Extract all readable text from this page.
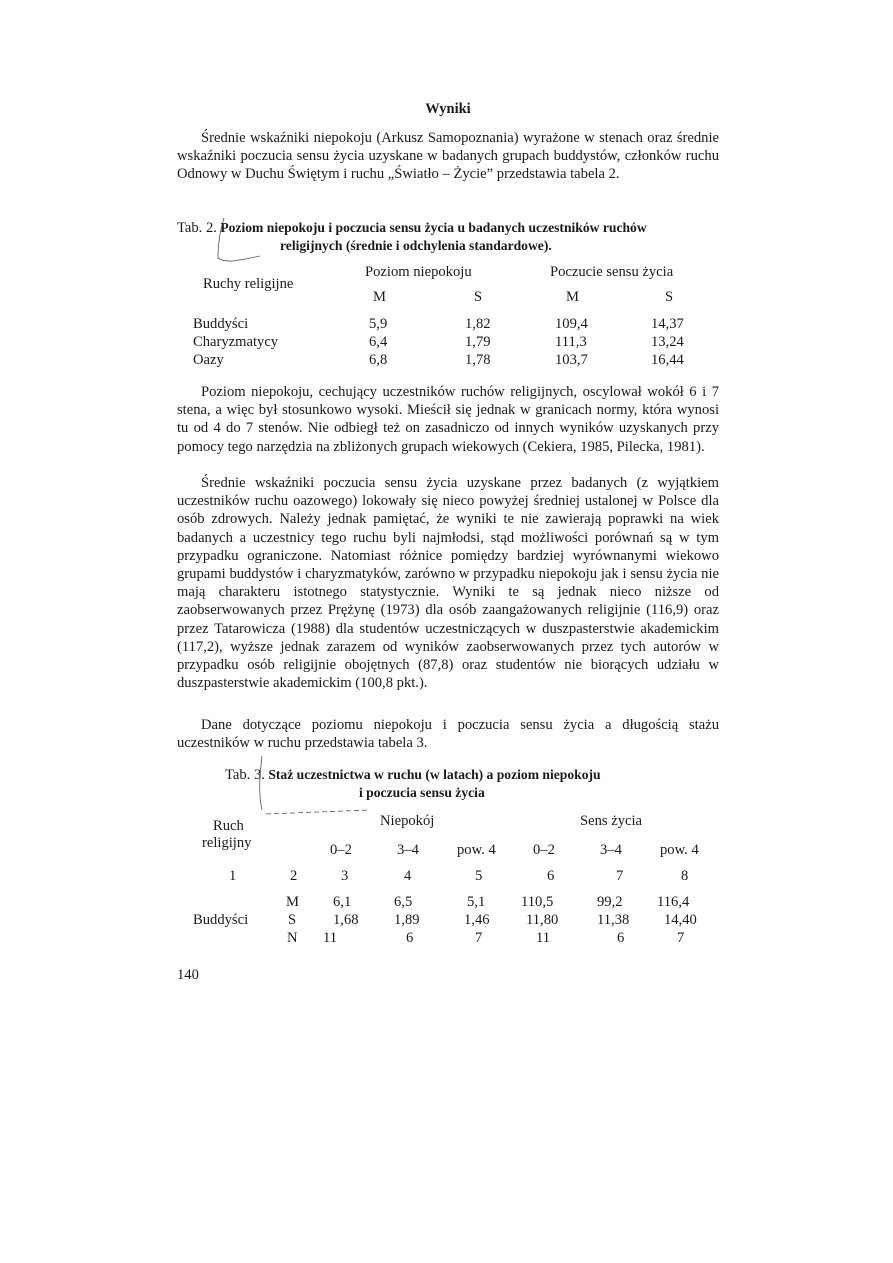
Wyniki

Średnie wskaźniki niepokoju (Arkusz Samopoznania) wyrażone w stenach oraz średnie wskaźniki poczucia sensu życia uzyskane w badanych grupach buddystów, członków ruchu Odnowy w Duchu Świętym i ruchu „Światło – Życie” przedstawia tabela 2.

Tab. 2. Poziom niepokoju i poczucia sensu życia u badanych uczestników ruchów
religijnych (średnie i odchylenia standardowe).
Ruchy religijne
Poziom niepokoju	Poczucie sensu życia
M	S	M	S
Buddyści	5,9	1,82	109,4	14,37
Charyzmatycy	6,4	1,79	111,3	13,24
Oazy	6,8	1,78	103,7	16,44

Poziom niepokoju, cechujący uczestników ruchów religijnych, oscylował wokół 6 i 7 stena, a więc był stosunkowo wysoki. Mieścił się jednak w granicach normy, która wynosi tu od 4 do 7 stenów. Nie odbiegł też on zasadniczo od innych wyników uzyskanych przy pomocy tego narzędzia na zbliżonych grupach wiekowych (Cekiera, 1985, Pilecka, 1981).

Średnie wskaźniki poczucia sensu życia uzyskane przez badanych (z wyjątkiem uczestników ruchu oazowego) lokowały się nieco powyżej średniej ustalonej w Polsce dla osób zdrowych. Należy jednak pamiętać, że wyniki te nie zawierają poprawki na wiek badanych a uczestnicy tego ruchu byli najmłodsi, stąd możliwości porównań są w tym przypadku ograniczone. Natomiast różnice pomiędzy bardziej wyrównanymi wiekowo grupami buddystów i charyzmatyków, zarówno w przypadku niepokoju jak i sensu życia nie mają charakteru istotnego statystycznie. Wyniki te są jednak nieco niższe od zaobserwowanych przez Prężynę (1973) dla osób zaangażowanych religijnie (116,9) oraz przez Tatarowicza (1988) dla studentów uczestniczących w duszpasterstwie akademickim (117,2), wyższe jednak zarazem od wyników zaobserwowanych przez tych autorów w przypadku osób religijnie obojętnych (87,8) oraz studentów nie biorących udziału w duszpasterstwie akademickim (100,8 pkt.).

Dane dotyczące poziomu niepokoju i poczucia sensu życia a długością stażu uczestników w ruchu przedstawia tabela 3.

Tab. 3. Staż uczestnictwa w ruchu (w latach) a poziom niepokoju
i poczucia sensu życia
Ruch
religijny
Niepokój	Sens życia
0–2	3–4	pow. 4	0–2	3–4	pow. 4
1	2	3	4	5	6	7	8
M 6,1	6,5	5,1 110,5	99,2 116,4
Buddyści	S	1,68 1,89	1,46 11,80	11,38 14,40
N 11	6	7	11	6	7
140
